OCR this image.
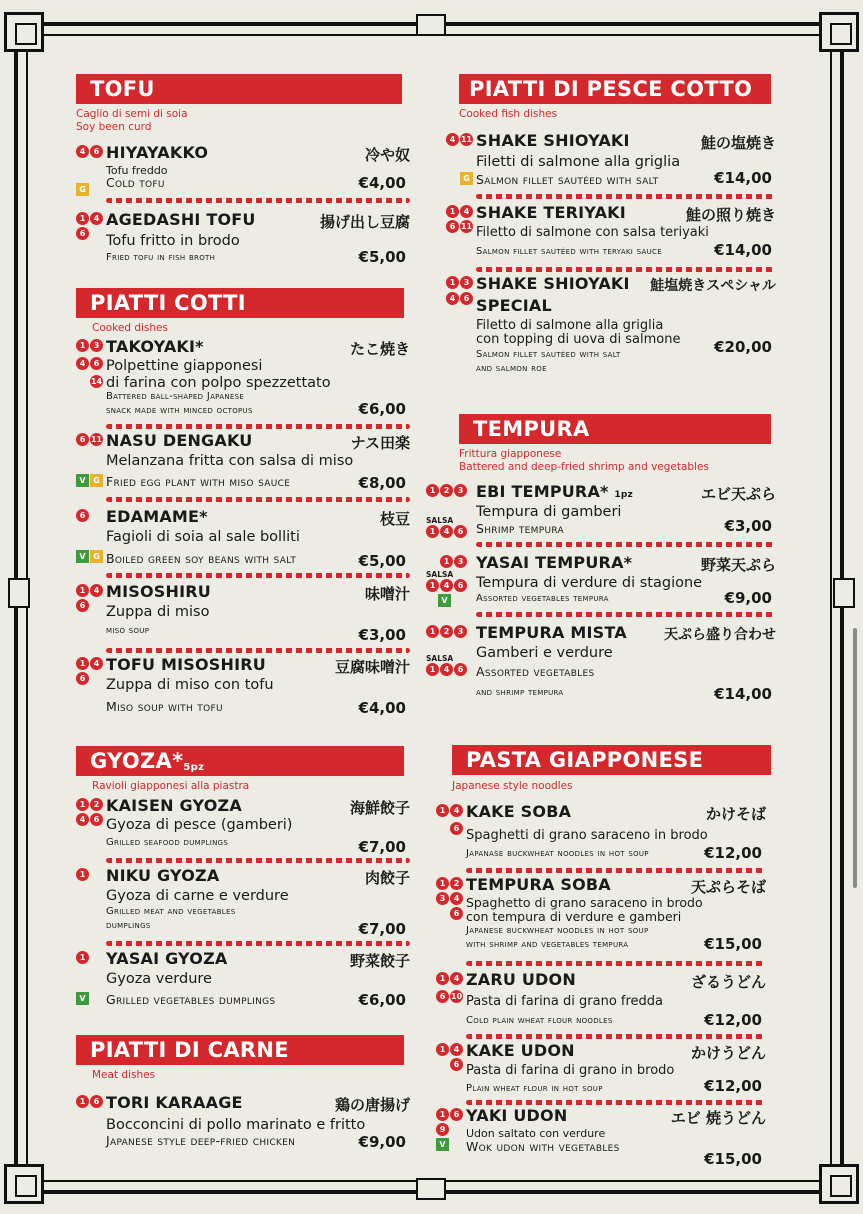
TOFU
Caglio di semi di soia
Soy been curd
4 6
G
HIYAYAKKO	冷や奴
Tofu freddo
Cold tofu	€4,00
1 4
6
AGEDASHI TOFU	揚げ出し豆腐
Tofu fritto in brodo
Fried tofu in fish broth	€5,00
PIATTI COTTI
Cooked dishes
1 3
4 6
14
TAKOYAKI*	たこ焼き
Polpettine giapponesi
di farina con polpo spezzettato
Battered ball-shaped Japanese
snack made with minced octopus	€6,00
6 11
V G
NASU DENGAKU	ナス田楽
Melanzana fritta con salsa di miso
Fried egg plant with miso sauce	€8,00
6
V G
EDAMAME*	枝豆
Fagioli di soia al sale bolliti
Boiled green soy beans with salt	€5,00
1 4
6
MISOSHIRU	味噌汁
Zuppa di miso
miso soup	€3,00
1 4
6
TOFU MISOSHIRU	豆腐味噌汁
Zuppa di miso con tofu
Miso soup with tofu	€4,00
$GYOZA*_{5pz}$
Ravioli giapponesi alla piastra
1 2
4 6
KAISEN GYOZA	海鮮餃子
Gyoza di pesce (gamberi)
Grilled seafood dumplings	€7,00
1	NIKU GYOZA	肉餃子
Gyoza di carne e verdure
Grilled meat and vegetables
dumplings	€7,00
1
V
YASAI GYOZA	野菜餃子
Gyoza verdure
Grilled vegetables dumplings	€6,00
PIATTI DI CARNE
Meat dishes
1 6 TORI KARAAGE	鶏の唐揚げ
Bocconcini di pollo marinato e fritto
Japanese style deep-fried chicken	€9,00
PIATTI DI PESCE COTTO
Cooked fish dishes
4 11
G
SHAKE SHIOYAKI	鮭の塩焼き
Filetti di salmone alla griglia
Salmon fillet sautéed with salt	€14,00
1 4
6 11
SHAKE TERIYAKI	鮭の照り焼き
Filetto di salmone con salsa teriyaki
Salmon fillet sautéed with teryaki sauce	€14,00
1 3
4 6
SHAKE SHIOYAKI
SPECIAL
鮭塩焼きスペシャル
Filetto di salmone alla griglia
con topping di uova di salmone
Salmon fillet sautéed with salt
and salmon roe
€20,00
TEMPURA
Frittura giapponese
Battered and deep-fried shrimp and vegetables
1 2 3
SALSA
1 4 6
EBI TEMPURA* 1pz	エビ天ぷら
Tempura di gamberi
Shrimp tempura	€3,00
1 3
SALSA
1 4 6
V
YASAI TEMPURA*	野菜天ぷら
Tempura di verdure di stagione
Assorted vegetables tempura	€9,00
1 2 3
SALSA
1 4 6
TEMPURA MISTA	天ぷら盛り合わせ
Gamberi e verdure
Assorted vegetables
and shrimp tempura	€14,00
PASTA GIAPPONESE
Japanese style noodles
1 4
6
KAKE SOBA	かけそば
Spaghetti di grano saraceno in brodo
Japanase buckwheat noodles in hot soup	€12,00
1 2
3 4
6
TEMPURA SOBA	天ぷらそば
Spaghetto di grano saraceno in brodo
con tempura di verdure e gamberi
Japanese buckwheat noodles in hot soup
with shrimp and vegetables tempura	€15,00
1 4
6 10
ZARU UDON	ざるうどん
Pasta di farina di grano fredda
Cold plain wheat flour noodles	€12,00
1 4
6
KAKE UDON	かけうどん
Pasta di farina di grano in brodo
Plain wheat flour in hot soup	€12,00
1 6
9
V
YAKI UDON	エビ 焼うどん
Udon saltato con verdure
Wok udon with vegetables
€15,00
